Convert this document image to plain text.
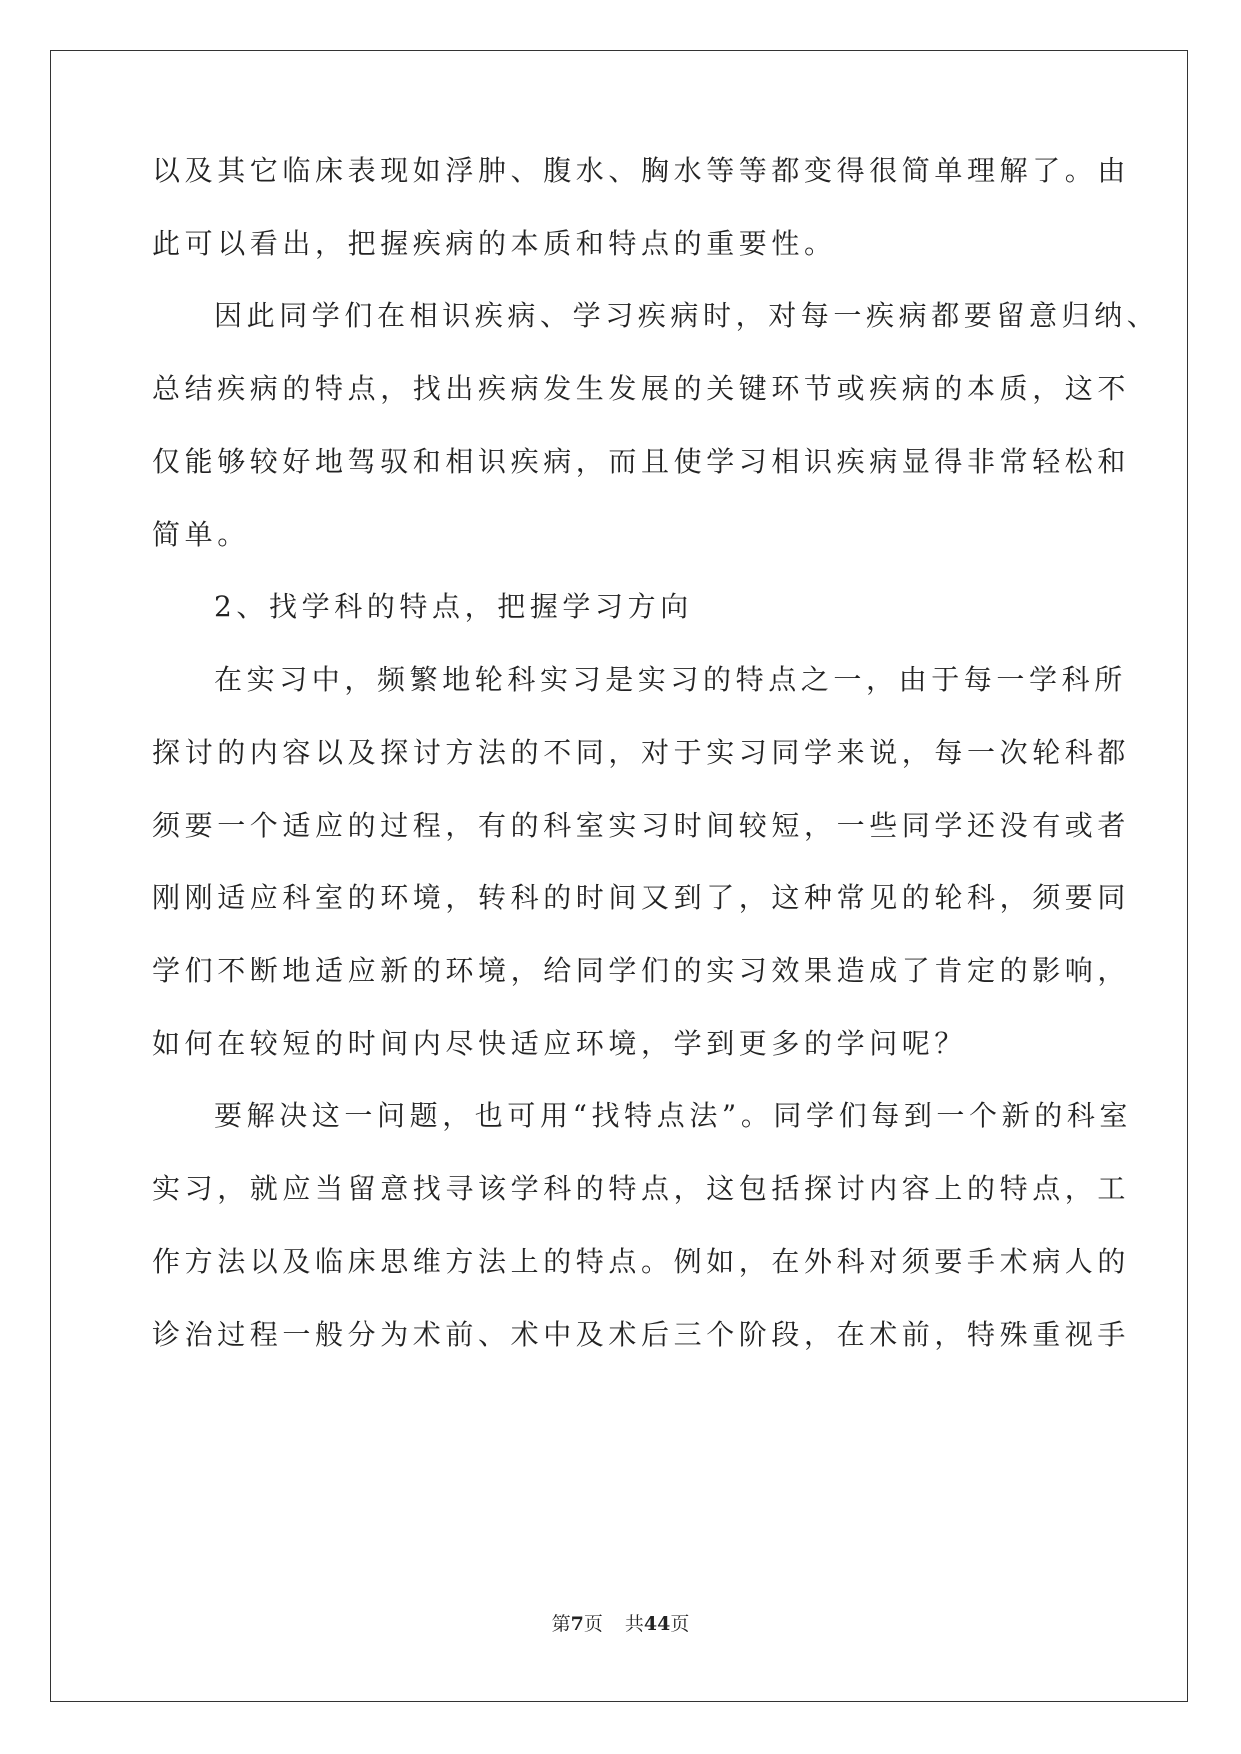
以及其它临床表现如浮肿、腹水、胸水等等都变得很简单理解了。由
此可以看出，把握疾病的本质和特点的重要性。
因此同学们在相识疾病、学习疾病时，对每一疾病都要留意归纳、
总结疾病的特点，找出疾病发生发展的关键环节或疾病的本质，这不
仅能够较好地驾驭和相识疾病，而且使学习相识疾病显得非常轻松和
简单。
2、找学科的特点，把握学习方向
在实习中，频繁地轮科实习是实习的特点之一，由于每一学科所
探讨的内容以及探讨方法的不同，对于实习同学来说，每一次轮科都
须要一个适应的过程，有的科室实习时间较短，一些同学还没有或者
刚刚适应科室的环境，转科的时间又到了，这种常见的轮科，须要同
学们不断地适应新的环境，给同学们的实习效果造成了肯定的影响，
如何在较短的时间内尽快适应环境，学到更多的学问呢？
要解决这一问题，也可用“找特点法”。同学们每到一个新的科室
实习，就应当留意找寻该学科的特点，这包括探讨内容上的特点，工
作方法以及临床思维方法上的特点。例如，在外科对须要手术病人的
诊治过程一般分为术前、术中及术后三个阶段，在术前，特殊重视手
第7页 共44页
